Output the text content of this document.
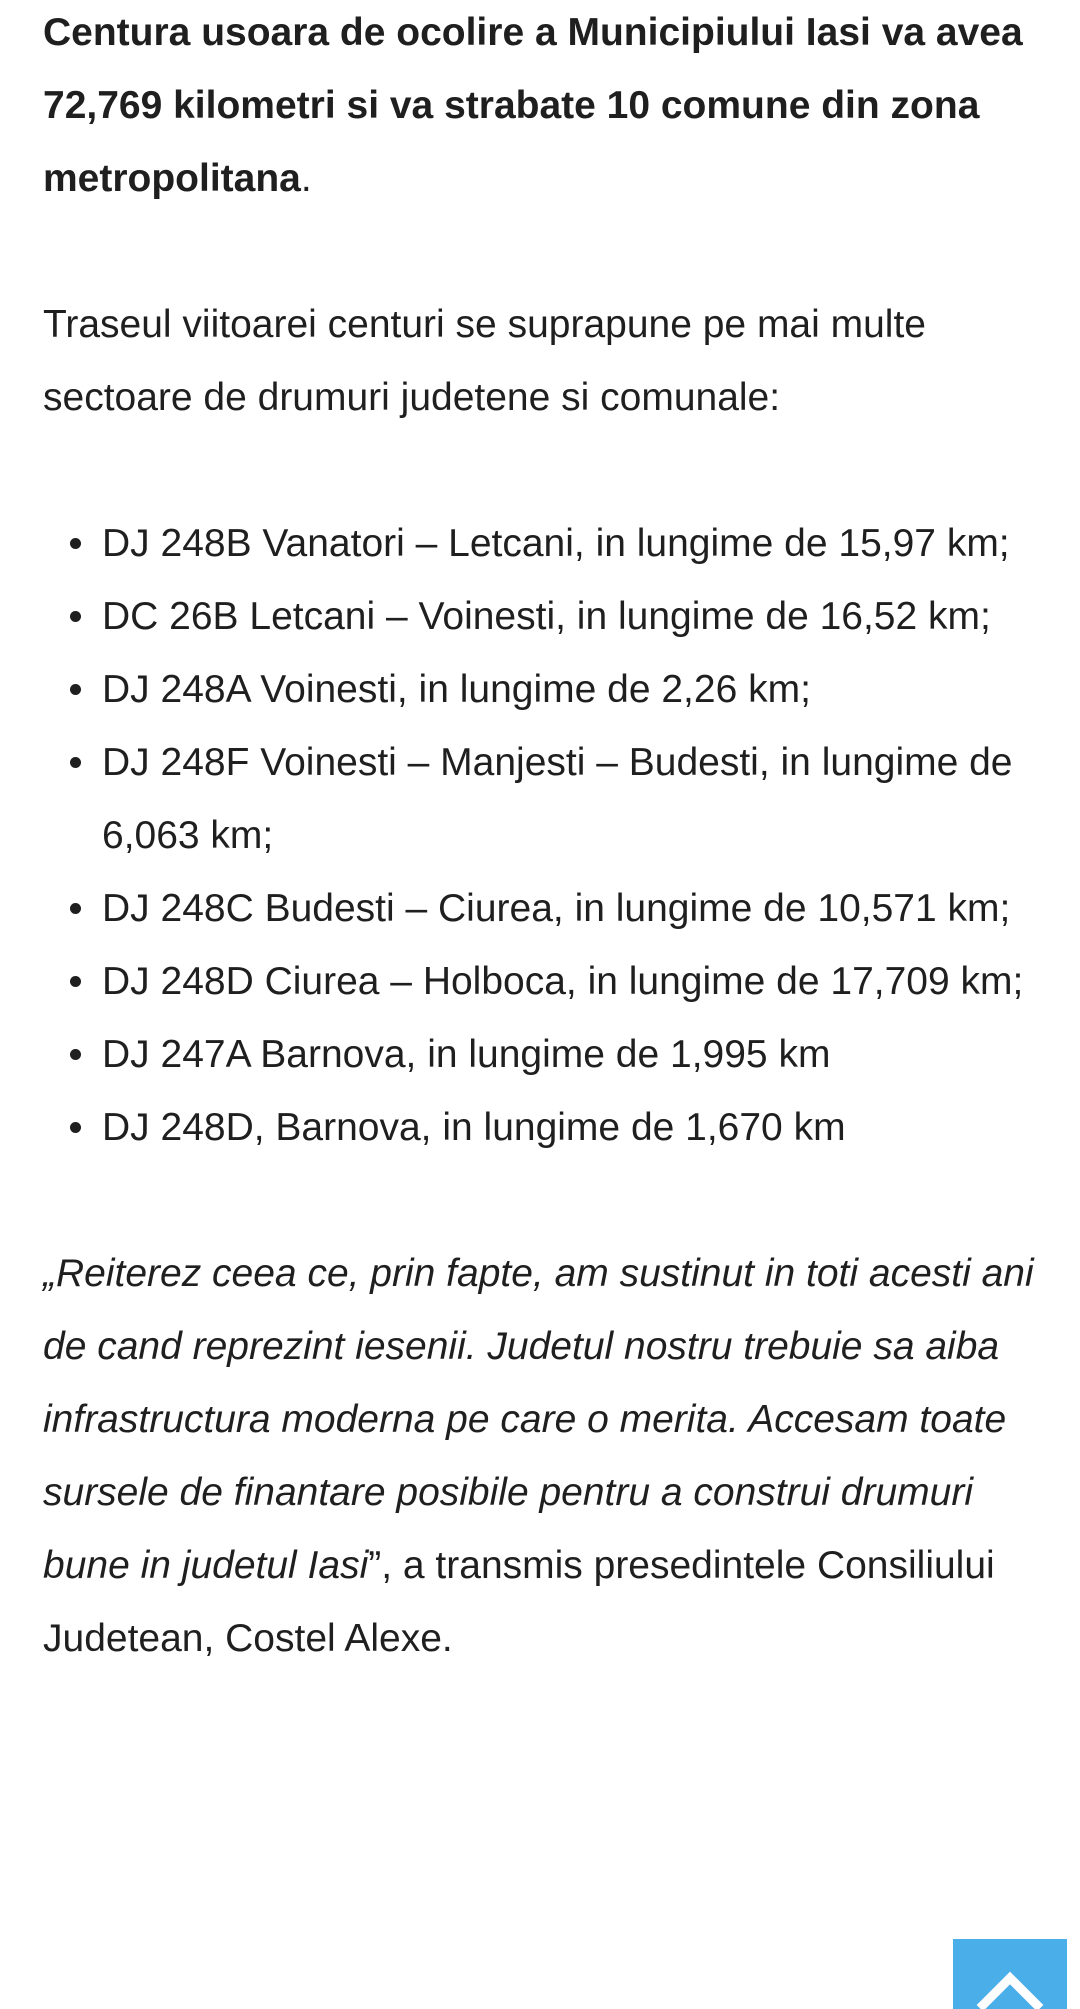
Centura usoara de ocolire a Municipiului Iasi va avea 72,769 kilometri si va strabate 10 comune din zona metropolitana.

Traseul viitoarei centuri se suprapune pe mai multe sectoare de drumuri judetene si comunale:

DJ 248B Vanatori – Letcani, in lungime de 15,97 km;
DC 26B Letcani – Voinesti, in lungime de 16,52 km;
DJ 248A Voinesti, in lungime de 2,26 km;
DJ 248F Voinesti – Manjesti – Budesti, in lungime de 6,063 km;
DJ 248C Budesti – Ciurea, in lungime de 10,571 km;
DJ 248D Ciurea – Holboca, in lungime de 17,709 km;
DJ 247A Barnova, in lungime de 1,995 km
DJ 248D, Barnova, in lungime de 1,670 km

„Reiterez ceea ce, prin fapte, am sustinut in toti acesti ani de cand reprezint iesenii. Judetul nostru trebuie sa aiba infrastructura moderna pe care o merita. Accesam toate sursele de finantare posibile pentru a construi drumuri bune in judetul Iasi”, a transmis presedintele Consiliului Judetean, Costel Alexe.
